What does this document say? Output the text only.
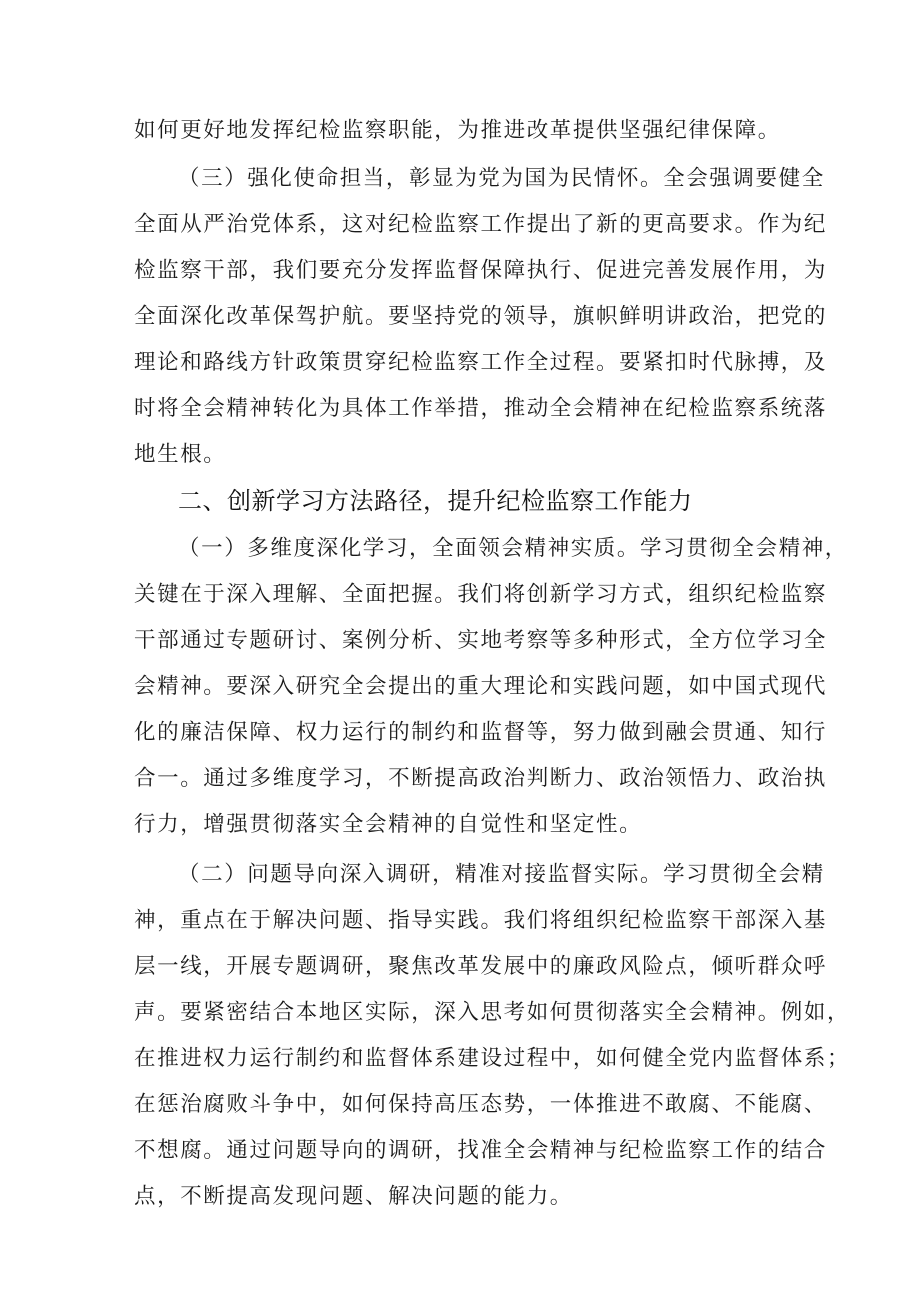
如何更好地发挥纪检监察职能，为推进改革提供坚强纪律保障。
（三）强化使命担当，彰显为党为国为民情怀。全会强调要健全
全面从严治党体系，这对纪检监察工作提出了新的更高要求。作为纪
检监察干部，我们要充分发挥监督保障执行、促进完善发展作用，为
全面深化改革保驾护航。要坚持党的领导，旗帜鲜明讲政治，把党的
理论和路线方针政策贯穿纪检监察工作全过程。要紧扣时代脉搏，及
时将全会精神转化为具体工作举措，推动全会精神在纪检监察系统落
地生根。
二、创新学习方法路径，提升纪检监察工作能力
（一）多维度深化学习，全面领会精神实质。学习贯彻全会精神，
关键在于深入理解、全面把握。我们将创新学习方式，组织纪检监察
干部通过专题研讨、案例分析、实地考察等多种形式，全方位学习全
会精神。要深入研究全会提出的重大理论和实践问题，如中国式现代
化的廉洁保障、权力运行的制约和监督等，努力做到融会贯通、知行
合一。通过多维度学习，不断提高政治判断力、政治领悟力、政治执
行力，增强贯彻落实全会精神的自觉性和坚定性。
（二）问题导向深入调研，精准对接监督实际。学习贯彻全会精
神，重点在于解决问题、指导实践。我们将组织纪检监察干部深入基
层一线，开展专题调研，聚焦改革发展中的廉政风险点，倾听群众呼
声。要紧密结合本地区实际，深入思考如何贯彻落实全会精神。例如，
在推进权力运行制约和监督体系建设过程中，如何健全党内监督体系；
在惩治腐败斗争中，如何保持高压态势，一体推进不敢腐、不能腐、
不想腐。通过问题导向的调研，找准全会精神与纪检监察工作的结合
点，不断提高发现问题、解决问题的能力。
